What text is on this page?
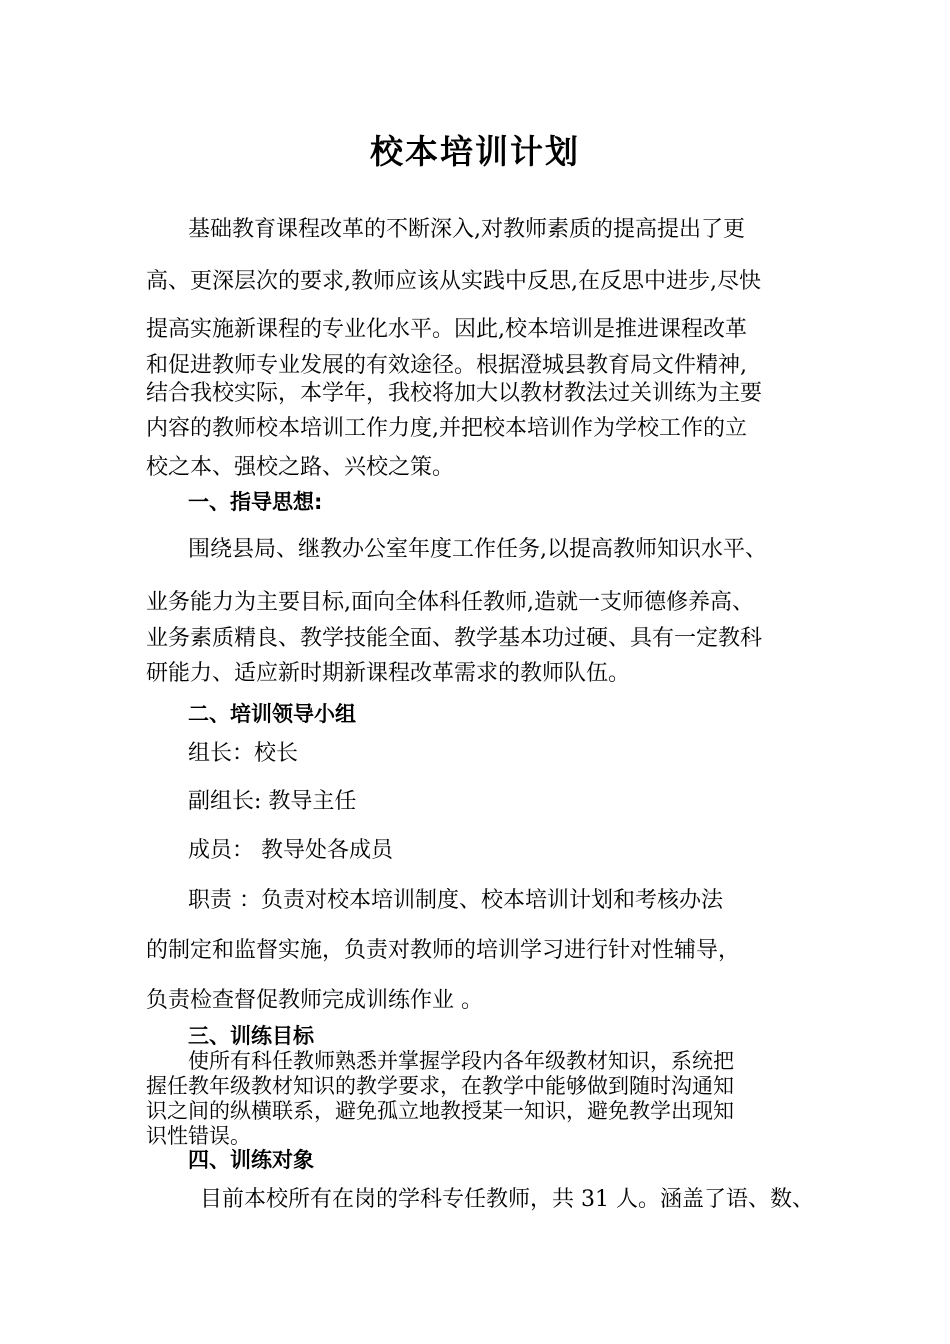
校本培训计划
基础教育课程改革的不断深入,对教师素质的提高提出了更
高、更深层次的要求,教师应该从实践中反思,在反思中进步,尽快
提高实施新课程的专业化水平。因此,校本培训是推进课程改革
和促进教师专业发展的有效途径。根据澄城县教育局文件精神,
结合我校实际，本学年，我校将加大以教材教法过关训练为主要
内容的教师校本培训工作力度,并把校本培训作为学校工作的立
校之本、强校之路、兴校之策。
一、指导思想:
围绕县局、继教办公室年度工作任务,以提高教师知识水平、
业务能力为主要目标,面向全体科任教师,造就一支师德修养高、
业务素质精良、教学技能全面、教学基本功过硬、具有一定教科
研能力、适应新时期新课程改革需求的教师队伍。
二、培训领导小组
组长：校长
副组长: 教导主任
成员： 教导处各成员
职责 ：负责对校本培训制度、校本培训计划和考核办法
的制定和监督实施，负责对教师的培训学习进行针对性辅导，
负责检查督促教师完成训练作业 。
三、训练目标
使所有科任教师熟悉并掌握学段内各年级教材知识，系统把
握任教年级教材知识的教学要求，在教学中能够做到随时沟通知
识之间的纵横联系，避免孤立地教授某一知识，避免教学出现知
识性错误。
四、训练对象
目前本校所有在岗的学科专任教师，共 31 人。涵盖了语、数、
